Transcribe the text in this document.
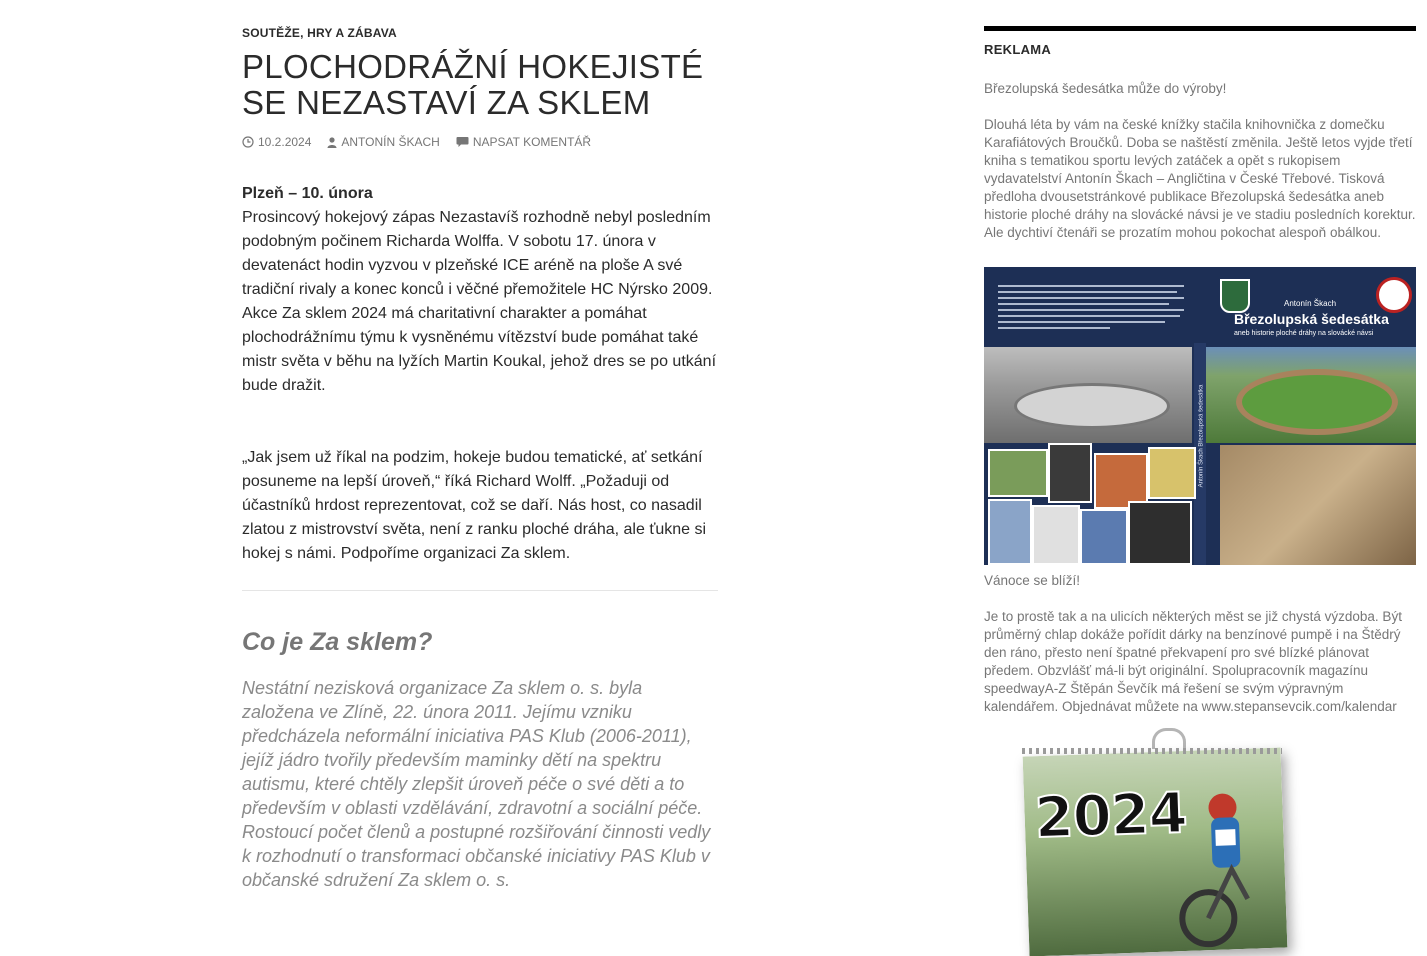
SOUTĚŽE, HRY A ZÁBAVA
PLOCHODRÁŽNÍ HOKEJISTÉ SE NEZASTAVÍ ZA SKLEM
10.2.2024	ANTONÍN ŠKACH	NAPSAT KOMENTÁŘ
Plzeň – 10. února
Prosincový hokejový zápas Nezastavíš rozhodně nebyl posledním podobným počinem Richarda Wolffa. V sobotu 17. února v devatenáct hodin vyzvou v plzeňské ICE aréně na ploše A své tradiční rivaly a konec konců i věčné přemožitele HC Nýrsko 2009. Akce Za sklem 2024 má charitativní charakter a pomáhat plochodrážnímu týmu k vysněnému vítězství bude pomáhat také mistr světa v běhu na lyžích Martin Koukal, jehož dres se po utkání bude dražit.
„Jak jsem už říkal na podzim, hokeje budou tematické, ať setkání posuneme na lepší úroveň,“ říká Richard Wolff. „Požaduji od účastníků hrdost reprezentovat, což se daří. Nás host, co nasadil zlatou z mistrovství světa, není z ranku ploché dráha, ale ťukne si hokej s námi. Podpoříme organizaci Za sklem.
Co je Za sklem?

Nestátní nezisková organizace Za sklem o. s. byla založena ve Zlíně, 22. února 2011. Jejímu vzniku předcházela neformální iniciativa PAS Klub (2006-2011), jejíž jádro tvořily především maminky dětí na spektru autismu, které chtěly zlepšit úroveň péče o své děti a to především v oblasti vzdělávání, zdravotní a sociální péče. Rostoucí počet členů a postupné rozšiřování činnosti vedly k rozhodnutí o transformaci občanské iniciativy PAS Klub v občanské sdružení Za sklem o. s.

REKLAMA
Březolupská šedesátka může do výroby!
Dlouhá léta by vám na české knížky stačila knihovnička z domečku Karafiátových Broučků. Doba se naštěstí změnila. Ještě letos vyjde třetí kniha s tematikou sportu levých zatáček a opět s rukopisem vydavatelství Antonín Škach – Angličtina v České Třebové. Tisková předloha dvousetstránkové publikace Březolupská šedesátka aneb historie ploché dráhy na slovácké návsi je ve stadiu posledních korektur. Ale dychtiví čtenáři se prozatím mohou pokochat alespoň obálkou.
Antonín Škach
Březolupská šedesátka
aneb historie ploché dráhy na slovácké návsi
Antonín Škach Březolupská šedesátka
Vánoce se blíží!
Je to prostě tak a na ulicích některých měst se již chystá výzdoba. Být průměrný chlap dokáže pořídit dárky na benzínové pumpě i na Štědrý den ráno, přesto není špatné překvapení pro své blízké plánovat předem. Obzvlášť má-li být originální. Spolupracovník magazínu speedwayA-Z Štěpán Ševčík má řešení se svým výpravným kalendářem. Objednávat můžete na www.stepansevcik.com/kalendar
2024
